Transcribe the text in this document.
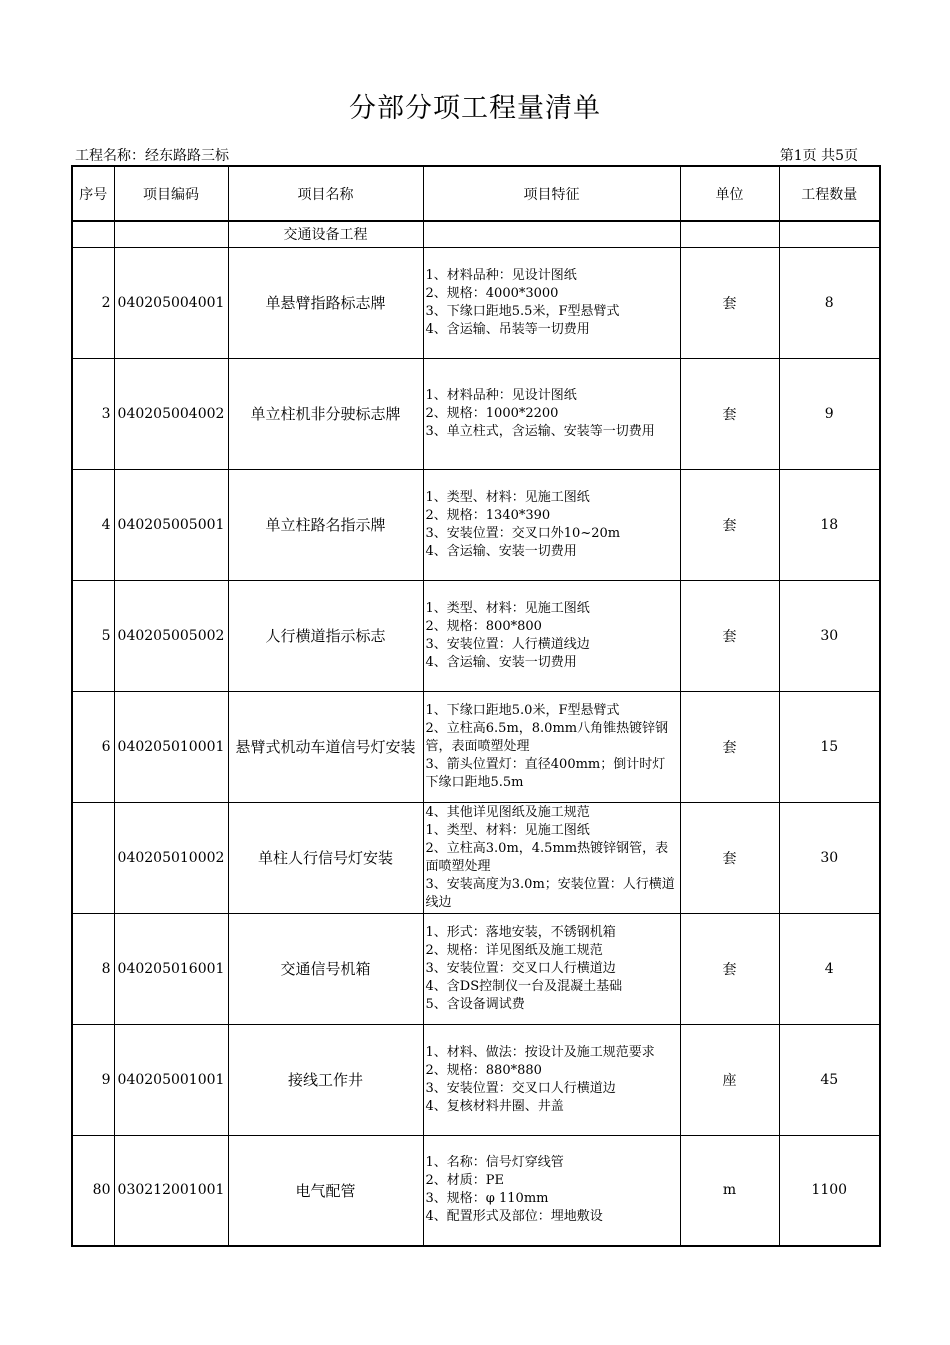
分部分项工程量清单
工程名称：经东路路三标	第1页 共5页
序号	项目编码	项目名称	项目特征	单位	工程数量
		交通设备工程			
2	040205004001	单悬臂指路标志牌	1、材料品种：见设计图纸
2、规格：4000*3000
3、下缘口距地5.5米，F型悬臂式
4、含运输、吊装等一切费用	套	8
3	040205004002	单立柱机非分驶标志牌	1、材料品种：见设计图纸
2、规格：1000*2200
3、单立柱式，含运输、安装等一切费用	套	9
4	040205005001	单立柱路名指示牌	1、类型、材料：见施工图纸
2、规格：1340*390
3、安装位置：交叉口外10~20m
4、含运输、安装一切费用	套	18
5	040205005002	人行横道指示标志	1、类型、材料：见施工图纸
2、规格：800*800
3、安装位置：人行横道线边
4、含运输、安装一切费用	套	30
6	040205010001	悬臂式机动车道信号灯安装	1、下缘口距地5.0米，F型悬臂式
2、立柱高6.5m，8.0mm八角锥热镀锌钢管，表面喷塑处理
3、箭头位置灯：直径400mm；倒计时灯下缘口距地5.5m	套	15
	040205010002	单柱人行信号灯安装	4、其他详见图纸及施工规范
1、类型、材料：见施工图纸
2、立柱高3.0m，4.5mm热镀锌钢管，表面喷塑处理
3、安装高度为3.0m；安装位置：人行横道线边	套	30
8	040205016001	交通信号机箱	1、形式：落地安装，不锈钢机箱
2、规格：详见图纸及施工规范
3、安装位置：交叉口人行横道边
4、含DS控制仪一台及混凝土基础
5、含设备调试费	套	4
9	040205001001	接线工作井	1、材料、做法：按设计及施工规范要求
2、规格：880*880
3、安装位置：交叉口人行横道边
4、复核材料井圈、井盖	座	45
80	030212001001	电气配管	1、名称：信号灯穿线管
2、材质：PE
3、规格：φ 110mm
4、配置形式及部位：埋地敷设	m	1100
